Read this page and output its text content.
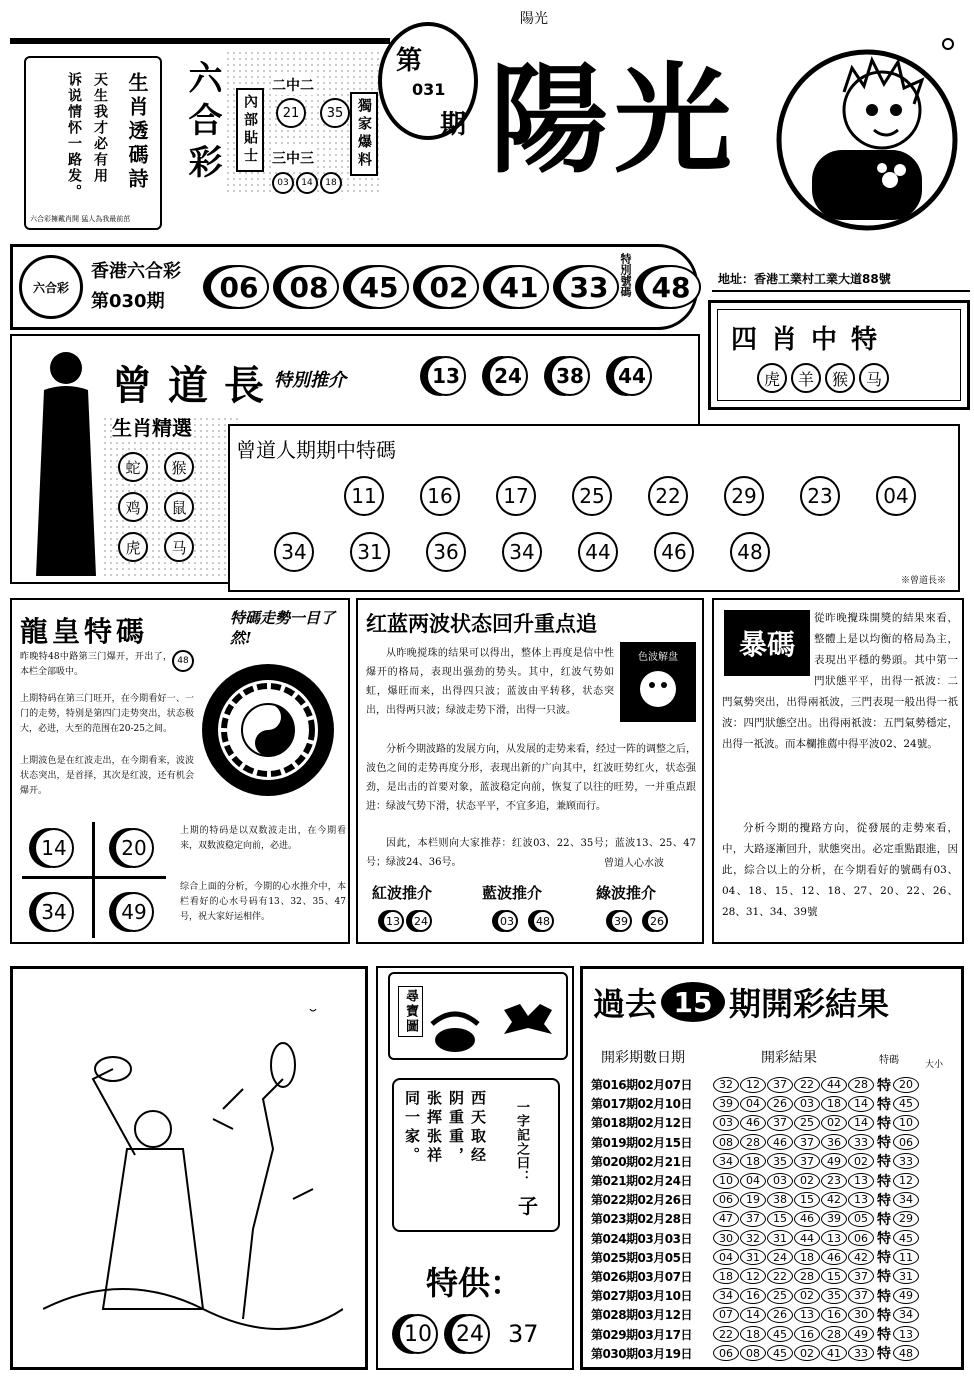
陽光
生肖透碼詩
天生我才必有用
诉说情怀一路发。
六合彩擁戴肖開 猛人為我最前茁
六合彩	內部貼士	獨家爆料
二中二
21	35
三中三
03	14	18
第
031
期 陽光
六合彩
香港六合彩
第030期	06	08	45	02	41	33 特別號碼 48	地址：香港工業村工業大道88號
四肖中特
虎	羊	猴	马
曾道長
特別推介	13	24	38	44
生肖精選
蛇	猴
鸡	鼠
虎	马
曾道人期期中特碼
11	16	17	25	22	29	23	04
34	31	36	34	44	46	48
※曾道長※
龍皇特碼	特碼走勢一目了然!
48
昨晚特48中路第三门爆开，开出了，本栏全部吸中。
上期特码在第三门旺开，在今期看好一、一门的走势，特别是第四门走势突出，状态极大，必进，大至的范围在20-25之间。
上期波色是在红波走出，在今期看来，波波状态突出，是首择，其次是红波，还有机会爆开。
14	20
34	49
上期的特码是以双数波走出，在今期看来，双数波稳定向前，必进。
综合上面的分析，今期的心水推介中，本栏看好的心水号码有13、32、35、47号，祝大家好运相伴。
红蓝两波状态回升重点追
色波解盘
从昨晚搅珠的结果可以得出，整体上再度是信中性爆开的格局，表现出强劲的势头。其中，红波气势如虹，爆旺而来，出得四只波；蓝波由平转移，状态突出，出得两只波；绿波走势下滑，出得一只波。
分析今期波路的发展方向，从发展的走势来看，经过一阵的调整之后，波色之间的走势再度分形，表现出新的广向其中，红波旺势红火，状态强劲，是出击的首要对象，蓝波稳定向前，恢复了以往的旺势，一并重点跟进：绿波气势下滑，状态平平，不宜多追，兼顾而行。
因此，本栏则向大家推荐：红波03、22、35号；蓝波13、25、47号；绿波24、36号。	曾道人心水波
紅波推介	藍波推介	綠波推介
13	24	03	48	39	26
暴碼
從昨晚攪珠開獎的結果來看，整體上是以均衡的格局為主，表現出平穩的勢頭。其中第一門狀態平平，出得一祇波：二門氣勢突出，出得兩祇波，三門表現一般出得一祇波：四門狀態空出。出得兩祇波：五門氣勢穩定，出得一祇波。而本欄推薦中得平波02、24號。
分析今期的攪路方向，從發展的走勢來看，中，大路逐漸回升，狀態突出。必定重點跟進，因此，綜合以上的分析，在今期看好的號碼有03、04、18、15、12、18、27、20、22、26、28、31、34、39號
尋寶圖
西天取经
阴重重，
张挥张祥
同一家。	一字記之曰：
子
特供：
10 24 37
過去 15 期開彩結果
開彩期數日期	開彩結果	特碼	大小
第016期02月07日	32	12	37	22	44	28 特 20
第017期02月10日	39	04	26	03	18	14 特 45
第018期02月12日	03	46	37	25	02	14 特 10
第019期02月15日	08	28	46	37	36	33 特 06
第020期02月21日	34	18	35	37	49	02 特 33
第021期02月24日	10	04	03	02	23	13 特 12
第022期02月26日	06	19	38	15	42	13 特 34
第023期02月28日	47	37	15	46	39	05 特 29
第024期03月03日	30	32	31	44	13	06 特 45
第025期03月05日	04	31	24	18	46	42 特 11
第026期03月07日	18	12	22	28	15	37 特 31
第027期03月10日	34	16	25	02	35	37 特 49
第028期03月12日	07	14	26	13	16	30 特 34
第029期03月17日	22	18	45	16	28	49 特 13
第030期03月19日	06	08	45	02	41	33 特 48
